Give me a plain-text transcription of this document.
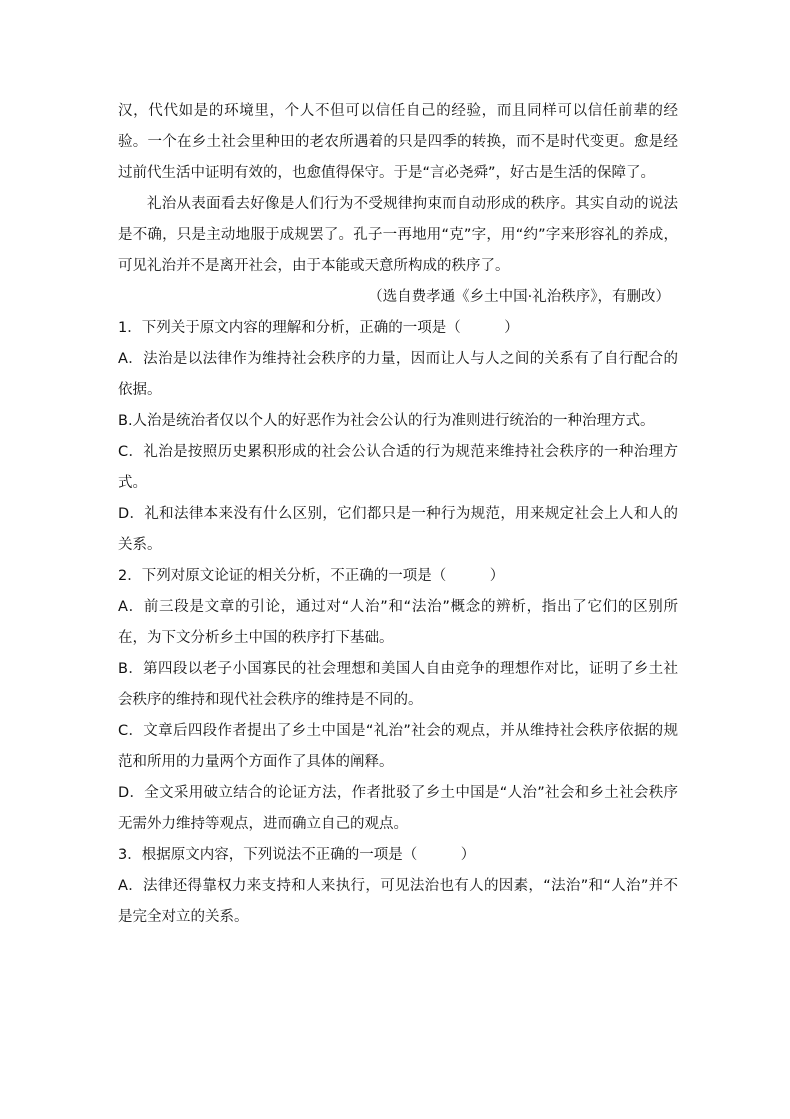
汉，代代如是的环境里，个人不但可以信任自己的经验，而且同样可以信任前辈的经验。一个在乡土社会里种田的老农所遇着的只是四季的转换，而不是时代变更。愈是经过前代生活中证明有效的，也愈值得保守。于是“言必尧舜”，好古是生活的保障了。

礼治从表面看去好像是人们行为不受规律拘束而自动形成的秩序。其实自动的说法是不确，只是主动地服于成规罢了。孔子一再地用“克”字，用“约”字来形容礼的养成，可见礼治并不是离开社会，由于本能或天意所构成的秩序了。

（选自费孝通《乡土中国·礼治秩序》，有删改）

1．下列关于原文内容的理解和分析，正确的一项是（　　　）

A．法治是以法律作为维持社会秩序的力量，因而让人与人之间的关系有了自行配合的依据。

B.人治是统治者仅以个人的好恶作为社会公认的行为准则进行统治的一种治理方式。

C．礼治是按照历史累积形成的社会公认合适的行为规范来维持社会秩序的一种治理方式。

D．礼和法律本来没有什么区别，它们都只是一种行为规范，用来规定社会上人和人的关系。

2．下列对原文论证的相关分析，不正确的一项是（　　　）

A．前三段是文章的引论，通过对“人治”和“法治”概念的辨析，指出了它们的区别所在，为下文分析乡土中国的秩序打下基础。

B．第四段以老子小国寡民的社会理想和美国人自由竞争的理想作对比，证明了乡土社会秩序的维持和现代社会秩序的维持是不同的。

C．文章后四段作者提出了乡土中国是“礼治”社会的观点，并从维持社会秩序依据的规范和所用的力量两个方面作了具体的阐释。

D．全文采用破立结合的论证方法，作者批驳了乡土中国是“人治”社会和乡土社会秩序无需外力维持等观点，进而确立自己的观点。

3．根据原文内容，下列说法不正确的一项是（　　　）

A．法律还得靠权力来支持和人来执行，可见法治也有人的因素，“法治”和“人治”并不是完全对立的关系。
